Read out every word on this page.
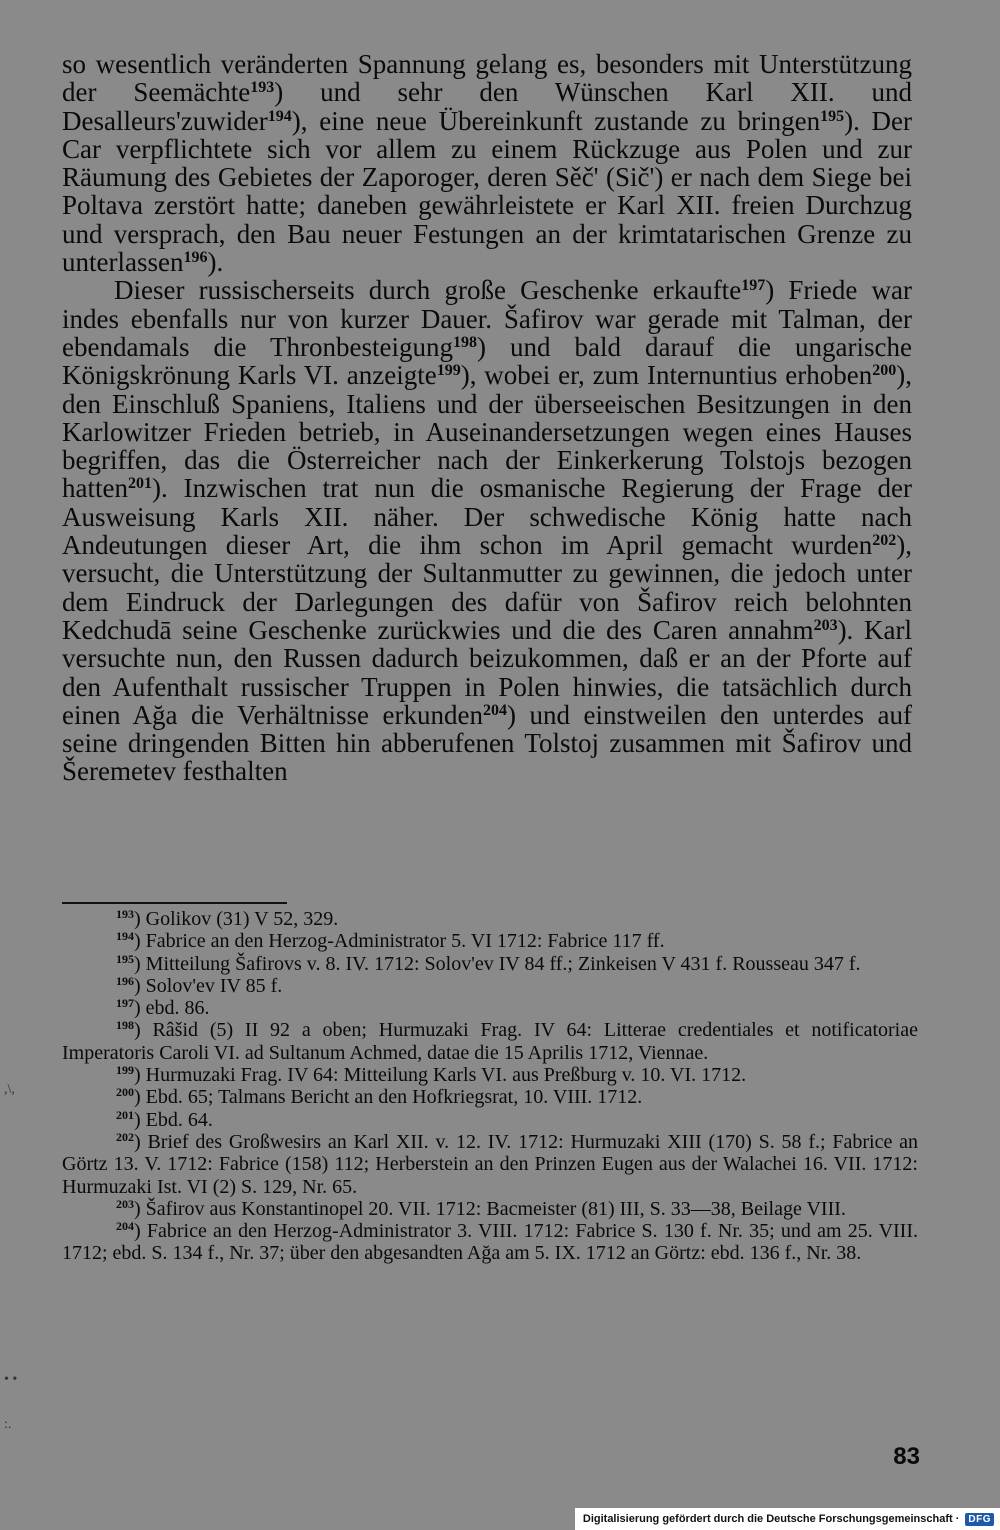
so wesentlich veränderten Spannung gelang es, besonders mit Unterstützung der Seemächte$^{193}$) und sehr den Wünschen Karl XII. und Desalleurs'zuwider$^{194}$), eine neue Übereinkunft zustande zu bringen$^{195}$). Der Car verpflichtete sich vor allem zu einem Rückzuge aus Polen und zur Räumung des Gebietes der Zaporoger, deren Sěč' (Sič') er nach dem Siege bei Poltava zerstört hatte; daneben gewährleistete er Karl XII. freien Durchzug und versprach, den Bau neuer Festungen an der krimtatarischen Grenze zu unterlassen$^{196}$).

Dieser russischerseits durch große Geschenke erkaufte$^{197}$) Friede war indes ebenfalls nur von kurzer Dauer. Šafirov war gerade mit Talman, der ebendamals die Thronbesteigung$^{198}$) und bald darauf die ungarische Königskrönung Karls VI. anzeigte$^{199}$), wobei er, zum Internuntius erhoben$^{200}$), den Einschluß Spaniens, Italiens und der überseeischen Besitzungen in den Karlowitzer Frieden betrieb, in Auseinandersetzungen wegen eines Hauses begriffen, das die Österreicher nach der Einkerkerung Tolstojs bezogen hatten$^{201}$). Inzwischen trat nun die osmanische Regierung der Frage der Ausweisung Karls XII. näher. Der schwedische König hatte nach Andeutungen dieser Art, die ihm schon im April gemacht wurden$^{202}$), versucht, die Unterstützung der Sultanmutter zu gewinnen, die jedoch unter dem Eindruck der Darlegungen des dafür von Šafirov reich belohnten Kedchudā seine Geschenke zurückwies und die des Caren annahm$^{203}$). Karl versuchte nun, den Russen dadurch beizukommen, daß er an der Pforte auf den Aufenthalt russischer Truppen in Polen hinwies, die tatsächlich durch einen Ağa die Verhältnisse erkunden$^{204}$) und einstweilen den unterdes auf seine dringenden Bitten hin abberufenen Tolstoj zusammen mit Šafirov und Šeremetev festhalten

$^{193}$) Golikov (31) V 52, 329.

$^{194}$) Fabrice an den Herzog-Administrator 5. VI 1712: Fabrice 117 ff.

$^{195}$) Mitteilung Šafirovs v. 8. IV. 1712: Solov'ev IV 84 ff.; Zinkeisen V 431 f. Rousseau 347 f.

$^{196}$) Solov'ev IV 85 f.

$^{197}$) ebd. 86.

$^{198}$) Râšid (5) II 92 a oben; Hurmuzaki Frag. IV 64: Litterae credentiales et notificatoriae Imperatoris Caroli VI. ad Sultanum Achmed, datae die 15 Aprilis 1712, Viennae.

$^{199}$) Hurmuzaki Frag. IV 64: Mitteilung Karls VI. aus Preßburg v. 10. VI. 1712.

$^{200}$) Ebd. 65; Talmans Bericht an den Hofkriegsrat, 10. VIII. 1712.

$^{201}$) Ebd. 64.

$^{202}$) Brief des Großwesirs an Karl XII. v. 12. IV. 1712: Hurmuzaki XIII (170) S. 58 f.; Fabrice an Görtz 13. V. 1712: Fabrice (158) 112; Herberstein an den Prinzen Eugen aus der Walachei 16. VII. 1712: Hurmuzaki Ist. VI (2) S. 129, Nr. 65.

$^{203}$) Šafirov aus Konstantinopel 20. VII. 1712: Bacmeister (81) III, S. 33—38, Beilage VIII.

$^{204}$) Fabrice an den Herzog-Administrator 3. VIII. 1712: Fabrice S. 130 f. Nr. 35; und am 25. VIII. 1712; ebd. S. 134 f., Nr. 37; über den abgesandten Ağa am 5. IX. 1712 an Görtz: ebd. 136 f., Nr. 38.

83
,\,
• •
:.
Digitalisierung gefördert durch die Deutsche Forschungsgemeinschaft · DFG
